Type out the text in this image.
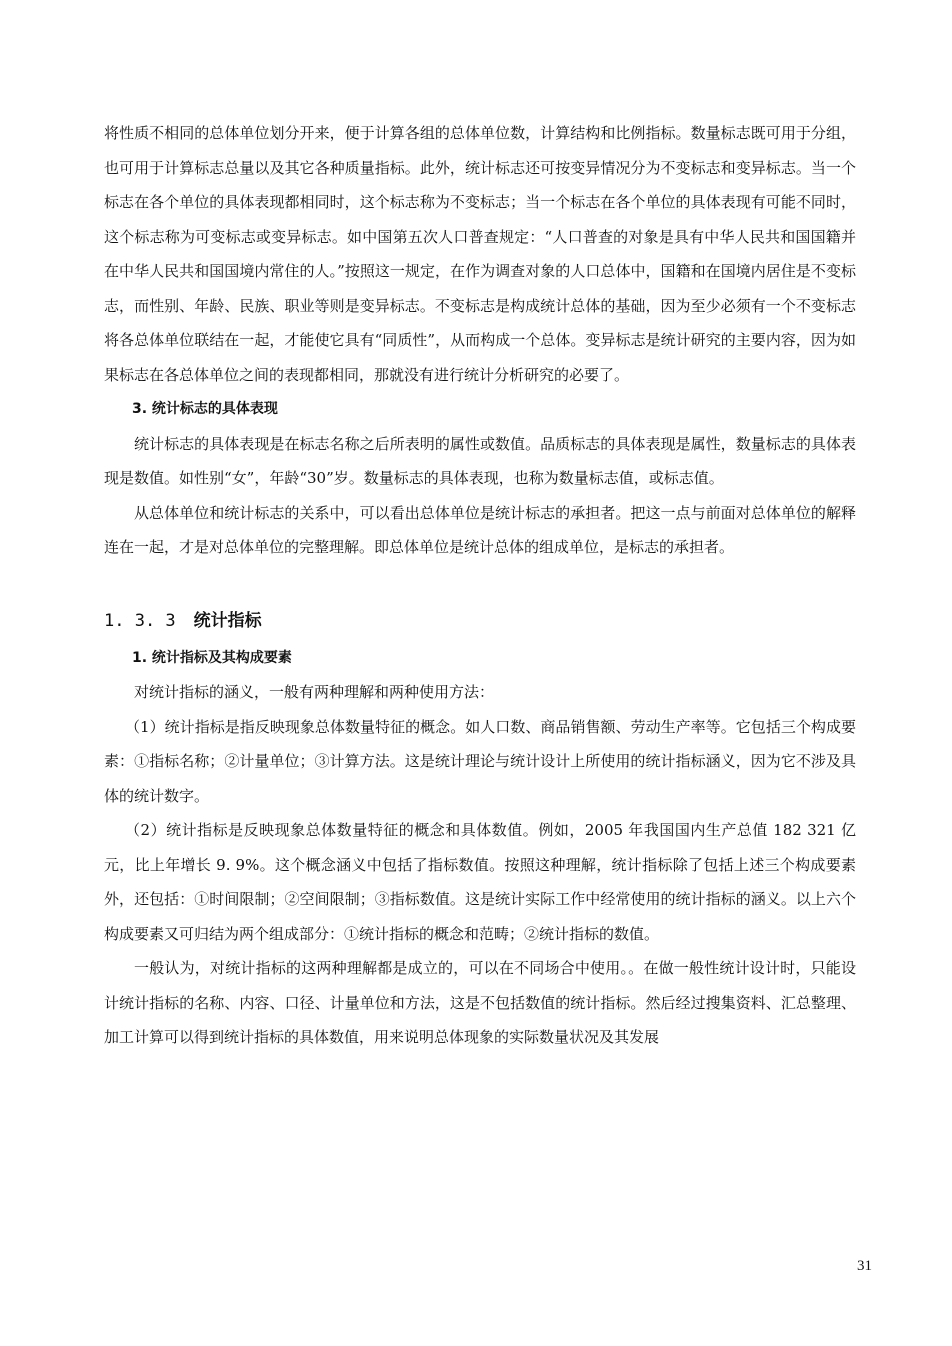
将性质不相同的总体单位划分开来，便于计算各组的总体单位数，计算结构和比例指标。数量标志既可用于分组，也可用于计算标志总量以及其它各种质量指标。此外，统计标志还可按变异情况分为不变标志和变异标志。当一个标志在各个单位的具体表现都相同时，这个标志称为不变标志；当一个标志在各个单位的具体表现有可能不同时，这个标志称为可变标志或变异标志。如中国第五次人口普查规定：“人口普查的对象是具有中华人民共和国国籍并在中华人民共和国国境内常住的人。”按照这一规定，在作为调查对象的人口总体中，国籍和在国境内居住是不变标志，而性别、年龄、民族、职业等则是变异标志。不变标志是构成统计总体的基础，因为至少必须有一个不变标志将各总体单位联结在一起，才能使它具有“同质性”，从而构成一个总体。变异标志是统计研究的主要内容，因为如果标志在各总体单位之间的表现都相同，那就没有进行统计分析研究的必要了。

3. 统计标志的具体表现

统计标志的具体表现是在标志名称之后所表明的属性或数值。品质标志的具体表现是属性，数量标志的具体表现是数值。如性别“女”，年龄“30”岁。数量标志的具体表现，也称为数量标志值，或标志值。

从总体单位和统计标志的关系中，可以看出总体单位是统计标志的承担者。把这一点与前面对总体单位的解释连在一起，才是对总体单位的完整理解。即总体单位是统计总体的组成单位，是标志的承担者。

1. 3. 3 统计指标

1. 统计指标及其构成要素

对统计指标的涵义，一般有两种理解和两种使用方法：

（1）统计指标是指反映现象总体数量特征的概念。如人口数、商品销售额、劳动生产率等。它包括三个构成要素：①指标名称；②计量单位；③计算方法。这是统计理论与统计设计上所使用的统计指标涵义，因为它不涉及具体的统计数字。

（2）统计指标是反映现象总体数量特征的概念和具体数值。例如，2005 年我国国内生产总值 182 321 亿元，比上年增长 9. 9%。这个概念涵义中包括了指标数值。按照这种理解，统计指标除了包括上述三个构成要素外，还包括：①时间限制；②空间限制；③指标数值。这是统计实际工作中经常使用的统计指标的涵义。以上六个构成要素又可归结为两个组成部分：①统计指标的概念和范畴；②统计指标的数值。

一般认为，对统计指标的这两种理解都是成立的，可以在不同场合中使用。。在做一般性统计设计时，只能设计统计指标的名称、内容、口径、计量单位和方法，这是不包括数值的统计指标。然后经过搜集资料、汇总整理、加工计算可以得到统计指标的具体数值，用来说明总体现象的实际数量状况及其发展

31
